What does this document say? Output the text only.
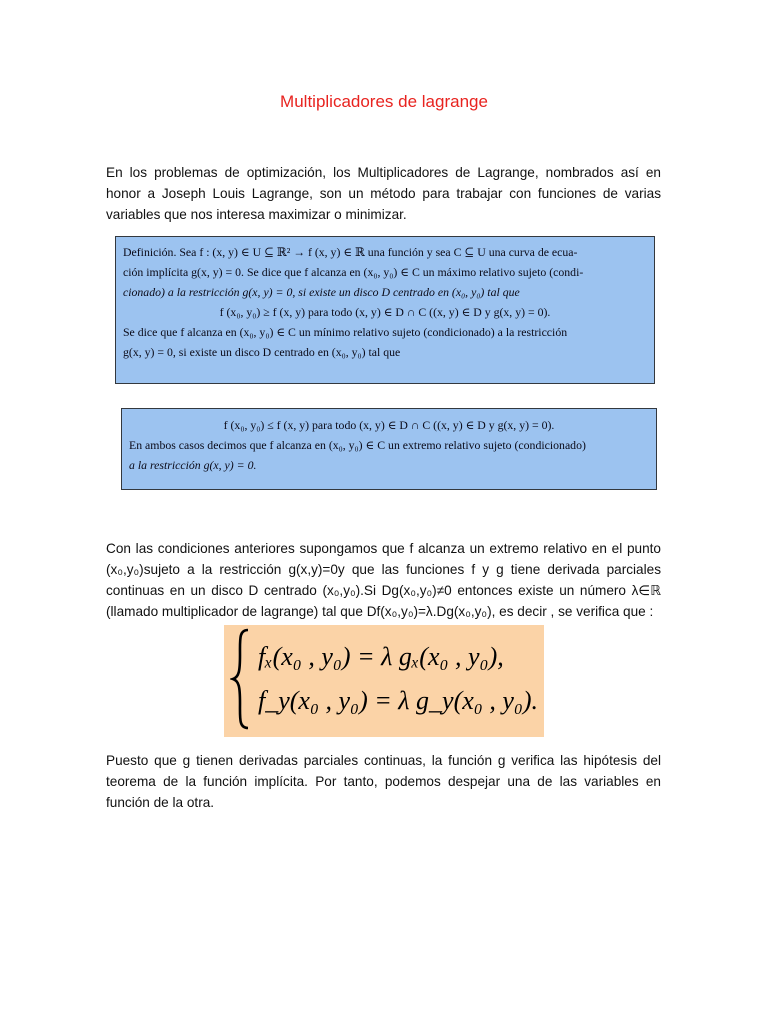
Multiplicadores de lagrange

En los problemas de optimización, los Multiplicadores de Lagrange, nombrados así en honor a Joseph Louis Lagrange, son un método para trabajar con funciones de varias variables que nos interesa maximizar o minimizar.

Definición. Sea f : (x, y) ∈ U ⊆ ℝ² → f (x, y) ∈ ℝ una función y sea C ⊆ U una curva de ecua-
ción implícita g(x, y) = 0. Se dice que f alcanza en (x₀, y₀) ∈ C un máximo relativo sujeto (condi-
cionado) a la restricción g(x, y) = 0, si existe un disco D centrado en (x₀, y₀) tal que
f (x₀, y₀) ≥ f (x, y) para todo (x, y) ∈ D ∩ C ((x, y) ∈ D y g(x, y) = 0).
Se dice que f alcanza en (x₀, y₀) ∈ C un mínimo relativo sujeto (condicionado) a la restricción
g(x, y) = 0, si existe un disco D centrado en (x₀, y₀) tal que
f (x₀, y₀) ≤ f (x, y) para todo (x, y) ∈ D ∩ C ((x, y) ∈ D y g(x, y) = 0).
En ambos casos decimos que f alcanza en (x₀, y₀) ∈ C un extremo relativo sujeto (condicionado)
a la restricción g(x, y) = 0.

Con las condiciones anteriores supongamos que f alcanza un extremo relativo en el punto (x₀,y₀)sujeto a la restricción g(x,y)=0y que las funciones f y g tiene derivada parciales continuas en un disco D centrado (x₀,y₀).Si Dg(x₀,y₀)≠0 entonces existe un número λ∈ℝ (llamado multiplicador de lagrange) tal que Df(x₀,y₀)=λ.Dg(x₀,y₀), es decir , se verifica que :

fₓ(x₀ , y₀) = λ gₓ(x₀ , y₀),
f_y(x₀ , y₀) = λ g_y(x₀ , y₀).

Puesto que g tienen derivadas parciales continuas, la función g verifica las hipótesis del teorema de la función implícita. Por tanto, podemos despejar una de las variables en función de la otra.
